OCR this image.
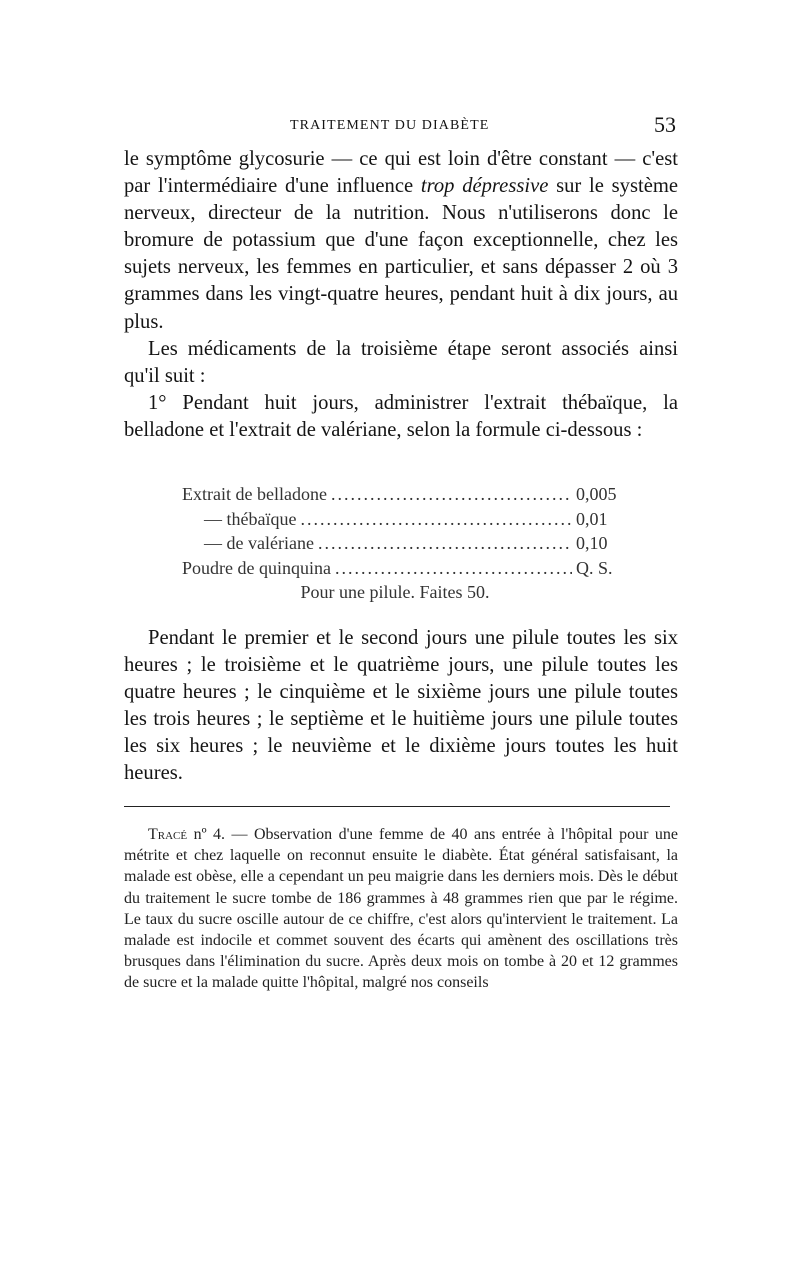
TRAITEMENT DU DIABÈTE	53

le symptôme glycosurie — ce qui est loin d'être constant — c'est par l'intermédiaire d'une influence trop dépressive sur le système nerveux, directeur de la nutrition. Nous n'utiliserons donc le bromure de potassium que d'une façon exceptionnelle, chez les sujets nerveux, les femmes en particulier, et sans dépasser 2 où 3 grammes dans les vingt-quatre heures, pendant huit à dix jours, au plus.

Les médicaments de la troisième étape seront associés ainsi qu'il suit :

1° Pendant huit jours, administrer l'extrait thébaïque, la belladone et l'extrait de valériane, selon la formule ci-dessous :

Extrait de belladone .....	0,005
— thébaïque .....	0,01
— de valériane .....	0,10
Poudre de quinquina .....	Q. S.
Pour une pilule. Faites 50.

Pendant le premier et le second jours une pilule toutes les six heures ; le troisième et le quatrième jours, une pilule toutes les quatre heures ; le cinquième et le sixième jours une pilule toutes les trois heures ; le septième et le huitième jours une pilule toutes les six heures ; le neuvième et le dixième jours toutes les huit heures.

Tracé nº 4. — Observation d'une femme de 40 ans entrée à l'hôpital pour une métrite et chez laquelle on reconnut ensuite le diabète. État général satisfaisant, la malade est obèse, elle a cependant un peu maigrie dans les derniers mois. Dès le début du traitement le sucre tombe de 186 grammes à 48 grammes rien que par le régime. Le taux du sucre oscille autour de ce chiffre, c'est alors qu'intervient le traitement. La malade est indocile et commet souvent des écarts qui amènent des oscillations très brusques dans l'élimination du sucre. Après deux mois on tombe à 20 et 12 grammes de sucre et la malade quitte l'hôpital, malgré nos conseils
